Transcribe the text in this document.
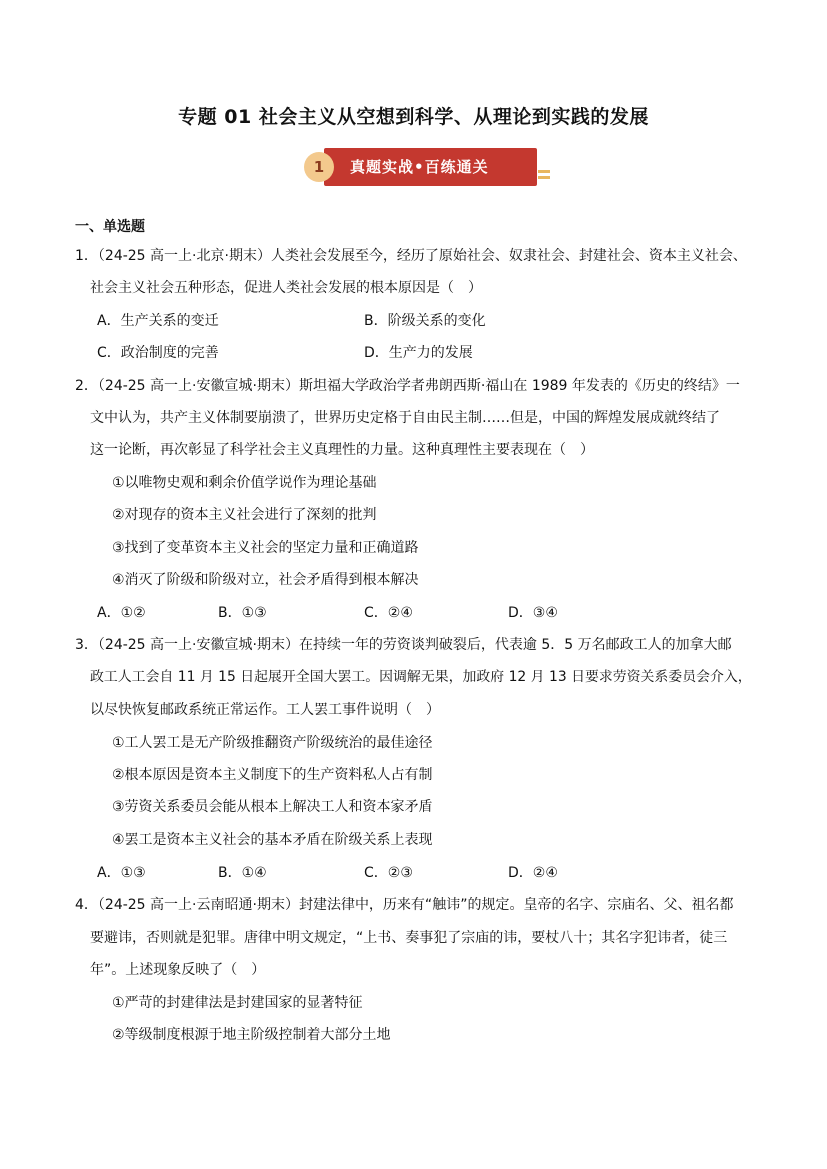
专题 01 社会主义从空想到科学、从理论到实践的发展
1	真题实战•百练通关
一、单选题
1．（24-25 高一上·北京·期末）人类社会发展至今，经历了原始社会、奴隶社会、封建社会、资本主义社会、
社会主义社会五种形态，促进人类社会发展的根本原因是（　）
A．生产关系的变迁	B．阶级关系的变化
C．政治制度的完善	D．生产力的发展
2．（24-25 高一上·安徽宣城·期末）斯坦福大学政治学者弗朗西斯·福山在 1989 年发表的《历史的终结》一
文中认为，共产主义体制要崩溃了，世界历史定格于自由民主制……但是，中国的辉煌发展成就终结了
这一论断，再次彰显了科学社会主义真理性的力量。这种真理性主要表现在（　）
①以唯物史观和剩余价值学说作为理论基础
②对现存的资本主义社会进行了深刻的批判
③找到了变革资本主义社会的坚定力量和正确道路
④消灭了阶级和阶级对立，社会矛盾得到根本解决
A．①②	B．①③	C．②④	D．③④
3．（24-25 高一上·安徽宣城·期末）在持续一年的劳资谈判破裂后，代表逾 5．5 万名邮政工人的加拿大邮
政工人工会自 11 月 15 日起展开全国大罢工。因调解无果，加政府 12 月 13 日要求劳资关系委员会介入，
以尽快恢复邮政系统正常运作。工人罢工事件说明（　）
①工人罢工是无产阶级推翻资产阶级统治的最佳途径
②根本原因是资本主义制度下的生产资料私人占有制
③劳资关系委员会能从根本上解决工人和资本家矛盾
④罢工是资本主义社会的基本矛盾在阶级关系上表现
A．①③	B．①④	C．②③	D．②④
4．（24-25 高一上·云南昭通·期末）封建法律中，历来有“触讳”的规定。皇帝的名字、宗庙名、父、祖名都
要避讳，否则就是犯罪。唐律中明文规定，“上书、奏事犯了宗庙的讳，要杖八十；其名字犯讳者，徒三
年”。上述现象反映了（　）
①严苛的封建律法是封建国家的显著特征
②等级制度根源于地主阶级控制着大部分土地
